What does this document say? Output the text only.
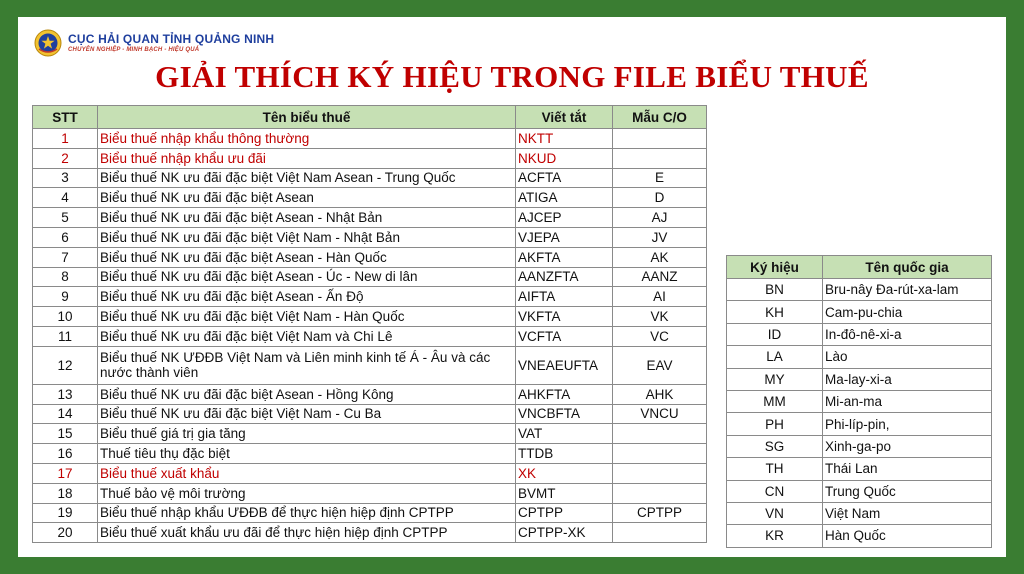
CỤC HẢI QUAN TỈNH QUẢNG NINH
CHUYÊN NGHIỆP - MINH BẠCH - HIỆU QUẢ
GIẢI THÍCH KÝ HIỆU TRONG FILE BIỂU THUẾ
STT	Tên biểu thuế	Viết tắt	Mẫu C/O
1	Biểu thuế nhập khẩu thông thường	NKTT	
2	Biểu thuế nhập khẩu ưu đãi	NKUD	
3	Biểu thuế NK ưu đãi đặc biệt Việt Nam Asean - Trung Quốc	ACFTA	E
4	Biểu thuế NK ưu đãi đặc biệt Asean	ATIGA	D
5	Biểu thuế NK ưu đãi đặc biệt Asean - Nhật Bản	AJCEP	AJ
6	Biểu thuế NK ưu đãi đặc biệt Việt Nam - Nhật Bản	VJEPA	JV
7	Biểu thuế NK ưu đãi đặc biệt Asean - Hàn Quốc	AKFTA	AK
8	Biểu thuế NK ưu đãi đặc biệt Asean - Úc - New di lân	AANZFTA	AANZ
9	Biểu thuế NK ưu đãi đặc biệt Asean - Ấn Độ	AIFTA	AI
10	Biểu thuế NK ưu đãi đặc biệt Việt Nam - Hàn Quốc	VKFTA	VK
11	Biểu thuế NK ưu đãi đặc biệt Việt Nam và Chi Lê	VCFTA	VC
12	Biểu thuế NK ƯĐĐB Việt Nam và Liên minh kinh tế Á - Âu và các nước thành viên	VNEAEUFTA	EAV
13	Biểu thuế NK ưu đãi đặc biệt Asean - Hồng Kông	AHKFTA	AHK
14	Biểu thuế NK ưu đãi đặc biệt Việt Nam - Cu Ba	VNCBFTA	VNCU
15	Biểu thuế giá trị gia tăng	VAT	
16	Thuế tiêu thụ đặc biệt	TTDB	
17	Biểu thuế xuất khẩu	XK	
18	Thuế bảo vệ môi trường	BVMT	
19	Biểu thuế nhập khẩu ƯĐĐB để thực hiện hiệp định CPTPP	CPTPP	CPTPP
20	Biểu thuế xuất khẩu ưu đãi để thực hiện hiệp định CPTPP	CPTPP-XK	
Ký hiệu	Tên quốc gia
BN	Bru-nây Đa-rút-xa-lam
KH	Cam-pu-chia
ID	In-đô-nê-xi-a
LA	Lào
MY	Ma-lay-xi-a
MM	Mi-an-ma
PH	Phi-líp-pin,
SG	Xinh-ga-po
TH	Thái Lan
CN	Trung Quốc
VN	Việt Nam
KR	Hàn Quốc
